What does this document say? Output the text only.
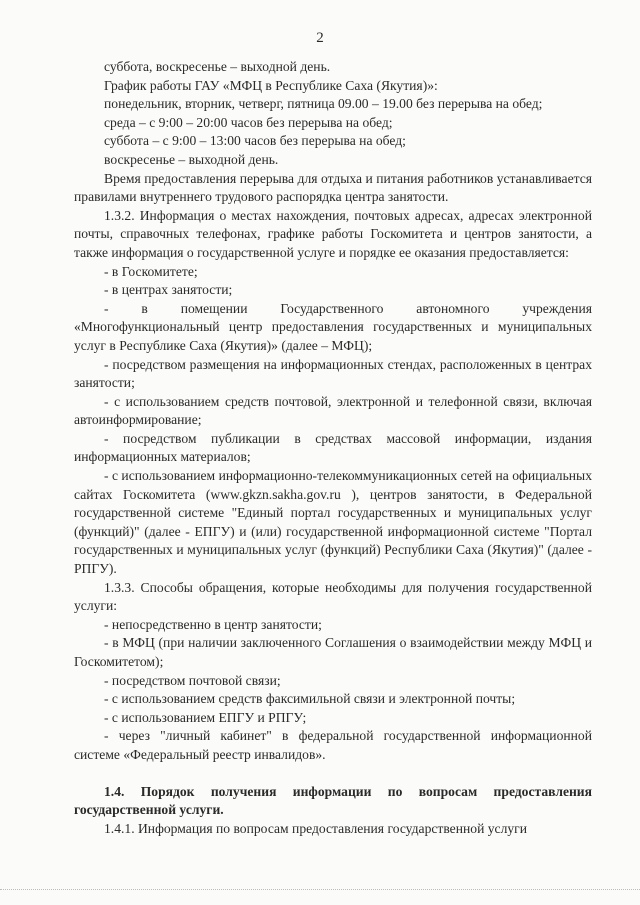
2

суббота, воскресенье – выходной день.

График работы ГАУ «МФЦ в Республике Саха (Якутия)»:

понедельник, вторник, четверг, пятница 09.00 – 19.00 без перерыва на обед;

среда – с 9:00 – 20:00 часов без перерыва на обед;

суббота – с 9:00 – 13:00 часов без перерыва на обед;

воскресенье – выходной день.

Время предоставления перерыва для отдыха и питания работников устанавливается правилами внутреннего трудового распорядка центра занятости.

1.3.2. Информация о местах нахождения, почтовых адресах, адресах электронной почты, справочных телефонах, графике работы Госкомитета и центров занятости, а также информация о государственной услуге и порядке ее оказания предоставляется:

- в Госкомитете;

- в центрах занятости;

- в помещении Государственного автономного учреждения «Многофункциональный центр предоставления государственных и муниципальных услуг в Республике Саха (Якутия)» (далее – МФЦ);

- посредством размещения на информационных стендах, расположенных в центрах занятости;

- с использованием средств почтовой, электронной и телефонной связи, включая автоинформирование;

- посредством публикации в средствах массовой информации, издания информационных материалов;

- с использованием информационно-телекоммуникационных сетей на официальных сайтах Госкомитета (www.gkzn.sakha.gov.ru ), центров занятости, в Федеральной государственной системе "Единый портал государственных и муниципальных услуг (функций)" (далее - ЕПГУ) и (или) государственной информационной системе "Портал государственных и муниципальных услуг (функций) Республики Саха (Якутия)" (далее - РПГУ).

1.3.3. Способы обращения, которые необходимы для получения государственной услуги:

- непосредственно в центр занятости;

- в МФЦ (при наличии заключенного Соглашения о взаимодействии между МФЦ и Госкомитетом);

- посредством почтовой связи;

- с использованием средств факсимильной связи и электронной почты;

- с использованием ЕПГУ и РПГУ;

- через "личный кабинет" в федеральной государственной информационной системе «Федеральный реестр инвалидов».

1.4. Порядок получения информации по вопросам предоставления государственной услуги.

1.4.1. Информация по вопросам предоставления государственной услуги
